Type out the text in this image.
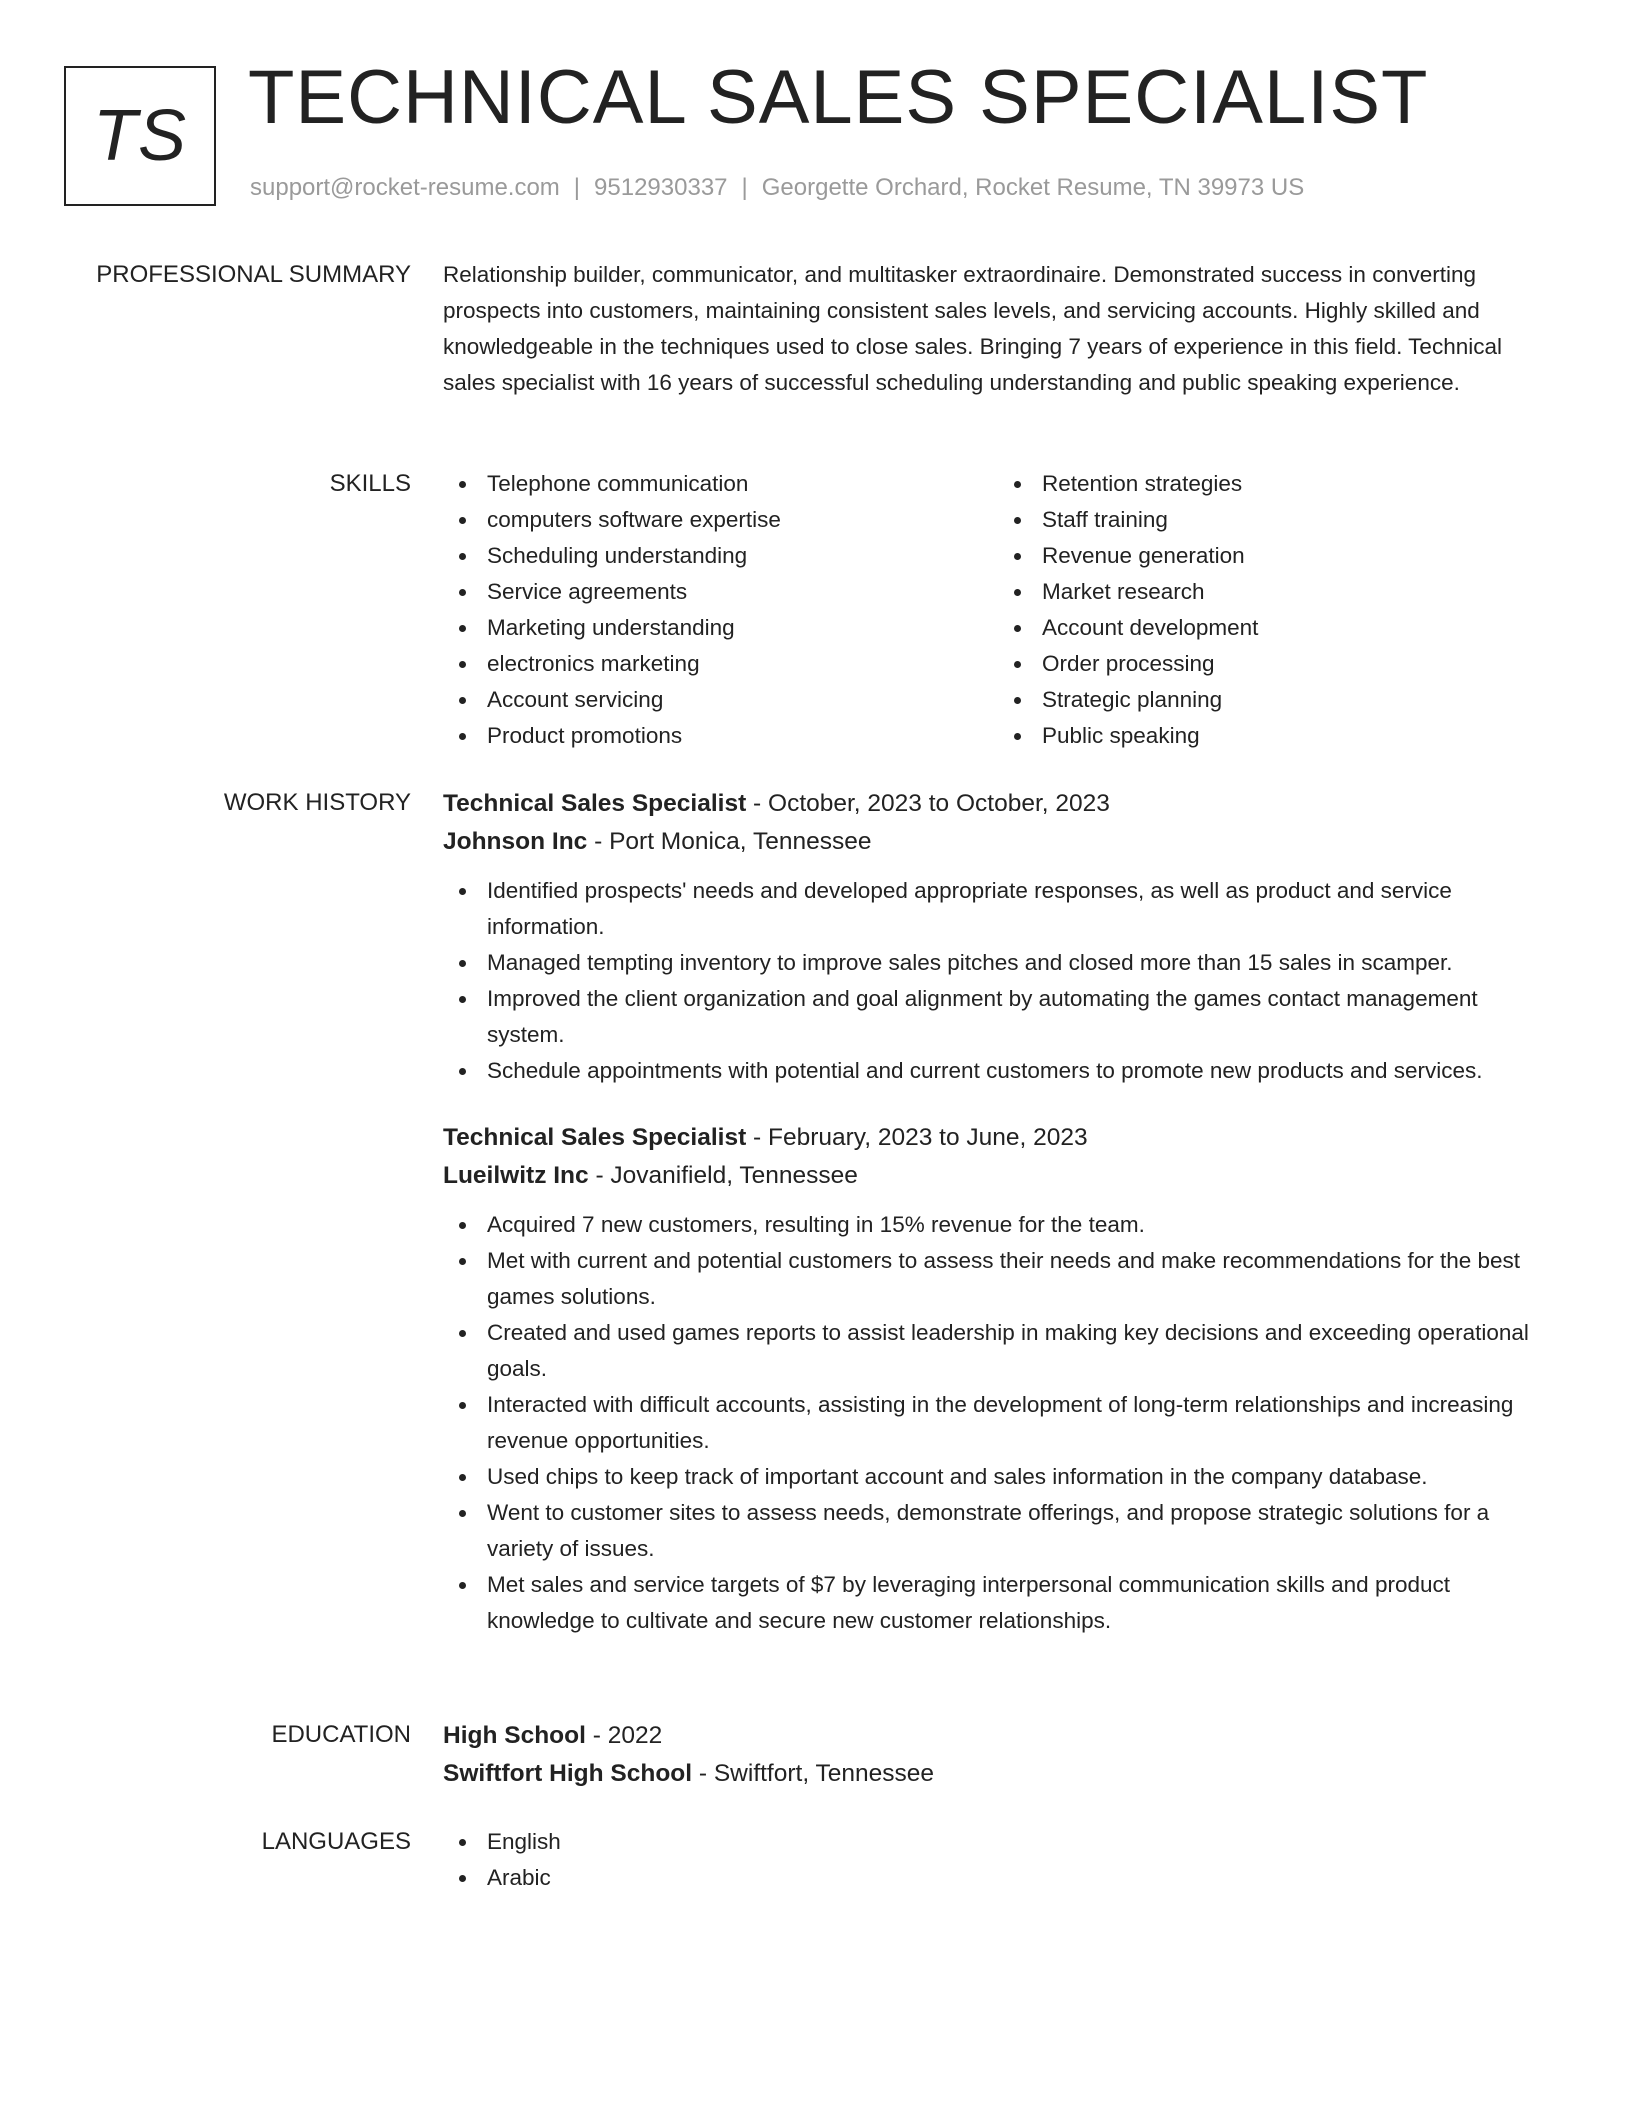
TS TECHNICAL SALES SPECIALIST
support@rocket-resume.com | 9512930337 | Georgette Orchard, Rocket Resume, TN 39973 US
PROFESSIONAL SUMMARY Relationship builder, communicator, and multitasker extraordinaire. Demonstrated success in converting prospects into customers, maintaining consistent sales levels, and servicing accounts. Highly skilled and knowledgeable in the techniques used to close sales. Bringing 7 years of experience in this field. Technical sales specialist with 16 years of successful scheduling understanding and public speaking experience.

SKILLS	Telephone communication
computers software expertise
Scheduling understanding
Service agreements
Marketing understanding
electronics marketing
Account servicing
Product promotions
Retention strategies
Staff training
Revenue generation
Market research
Account development
Order processing
Strategic planning
Public speaking
WORK HISTORY Technical Sales Specialist - October, 2023 to October, 2023
Johnson Inc - Port Monica, Tennessee
Identified prospects' needs and developed appropriate responses, as well as product and service information.
Managed tempting inventory to improve sales pitches and closed more than 15 sales in scamper.
Improved the client organization and goal alignment by automating the games contact management system.
Schedule appointments with potential and current customers to promote new products and services.
Technical Sales Specialist - February, 2023 to June, 2023
Lueilwitz Inc - Jovanifield, Tennessee
Acquired 7 new customers, resulting in 15% revenue for the team.
Met with current and potential customers to assess their needs and make recommendations for the best games solutions.
Created and used games reports to assist leadership in making key decisions and exceeding operational goals.
Interacted with difficult accounts, assisting in the development of long-term relationships and increasing revenue opportunities.
Used chips to keep track of important account and sales information in the company database.
Went to customer sites to assess needs, demonstrate offerings, and propose strategic solutions for a variety of issues.
Met sales and service targets of $7 by leveraging interpersonal communication skills and product knowledge to cultivate and secure new customer relationships.
EDUCATION High School - 2022
Swiftfort High School - Swiftfort, Tennessee
LANGUAGES	English
Arabic
